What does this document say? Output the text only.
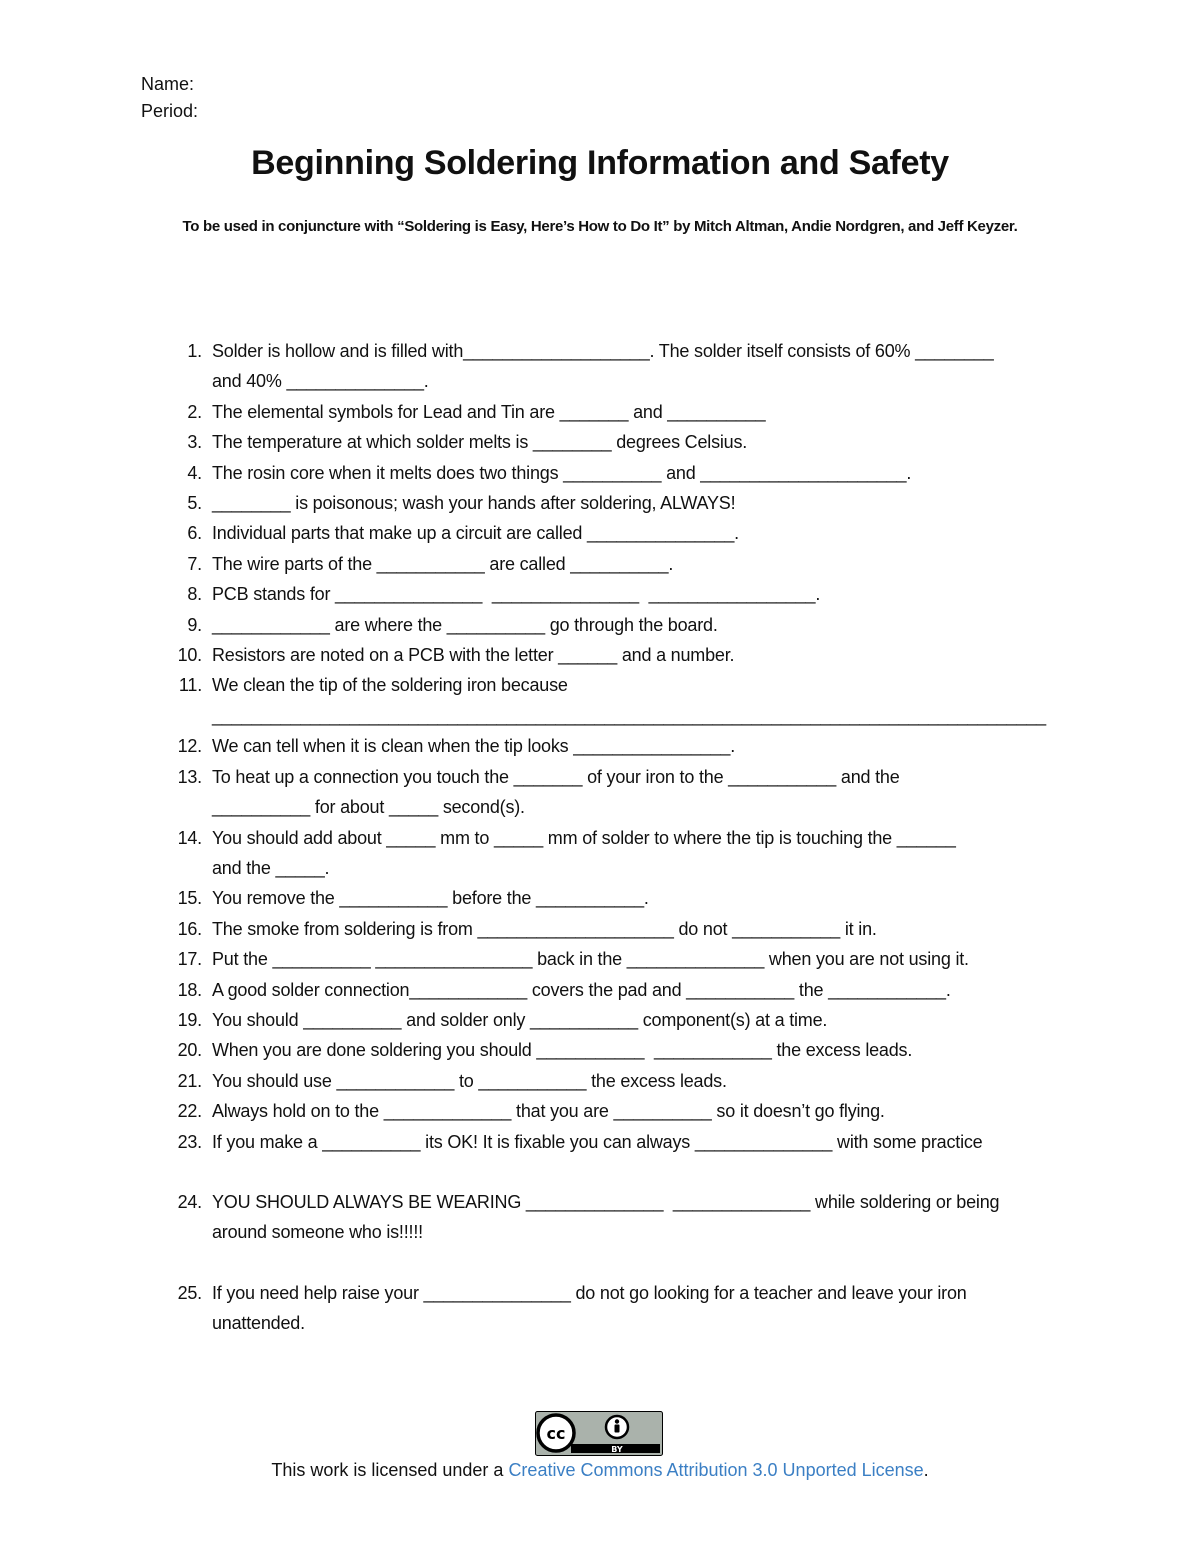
Name:
Period:
Beginning Soldering Information and Safety
To be used in conjuncture with “Soldering is Easy, Here’s How to Do It” by Mitch Altman, Andie Nordgren, and Jeff Keyzer.
1. Solder is hollow and is filled with___________________. The solder itself consists of 60% ________
and 40% ______________.
2. The elemental symbols for Lead and Tin are _______ and __________
3. The temperature at which solder melts is ________ degrees Celsius.
4. The rosin core when it melts does two things __________ and _____________________.
5. ________ is poisonous; wash your hands after soldering, ALWAYS!
6. Individual parts that make up a circuit are called _______________.
7. The wire parts of the ___________ are called __________.
8. PCB stands for _______________  _______________  _________________.
9. ____________ are where the __________ go through the board.
10. Resistors are noted on a PCB with the letter ______ and a number.
11. We clean the tip of the soldering iron because
_____________________________________________________________________________________
12. We can tell when it is clean when the tip looks ________________.
13. To heat up a connection you touch the _______ of your iron to the ___________ and the
__________ for about _____ second(s).
14. You should add about _____ mm to _____ mm of solder to where the tip is touching the ______
and the _____.
15. You remove the ___________ before the ___________.
16. The smoke from soldering is from ____________________ do not ___________ it in.
17. Put the __________ ________________ back in the ______________ when you are not using it.
18. A good solder connection____________ covers the pad and ___________ the ____________.
19. You should __________ and solder only ___________ component(s) at a time.
20. When you are done soldering you should ___________  ____________ the excess leads.
21. You should use ____________ to ___________ the excess leads.
22. Always hold on to the _____________ that you are __________ so it doesn’t go flying.
23. If you make a __________ its OK! It is fixable you can always ______________ with some practice
24. YOU SHOULD ALWAYS BE WEARING ______________  ______________ while soldering or being
around someone who is!!!!!
25. If you need help raise your _______________ do not go looking for a teacher and leave your iron
unattended.
cc
BY
This work is licensed under a Creative Commons Attribution 3.0 Unported License.
